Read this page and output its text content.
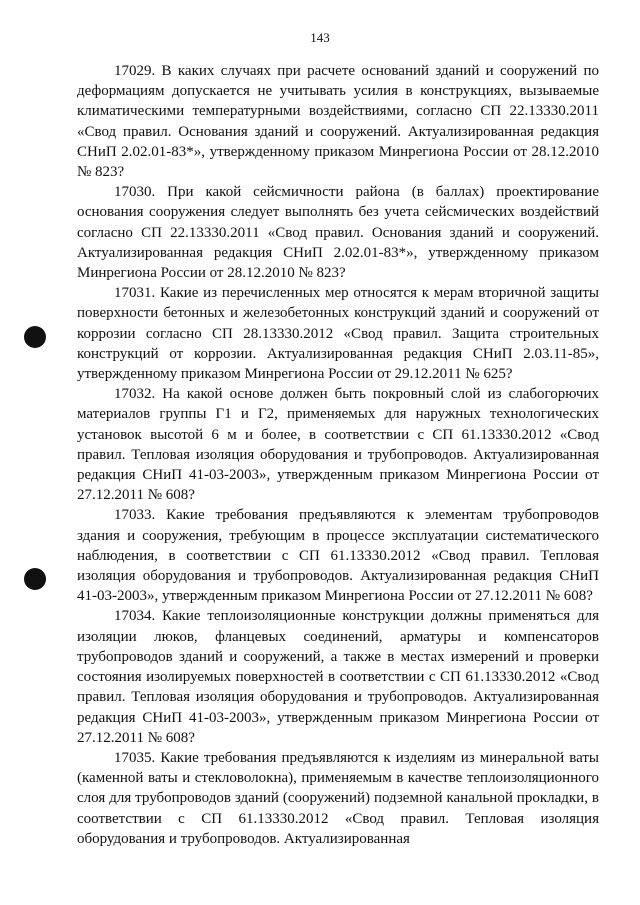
143

17029. В каких случаях при расчете оснований зданий и сооружений по деформациям допускается не учитывать усилия в конструкциях, вызываемые климатическими температурными воздействиями, согласно СП 22.13330.2011 «Свод правил. Основания зданий и сооружений. Актуализированная редакция СНиП 2.02.01-83*», утвержденному приказом Минрегиона России от 28.12.2010 № 823?

17030. При какой сейсмичности района (в баллах) проектирование основания сооружения следует выполнять без учета сейсмических воздействий согласно СП 22.13330.2011 «Свод правил. Основания зданий и сооружений. Актуализированная редакция СНиП 2.02.01-83*», утвержденному приказом Минрегиона России от 28.12.2010 № 823?

17031. Какие из перечисленных мер относятся к мерам вторичной защиты поверхности бетонных и железобетонных конструкций зданий и сооружений от коррозии согласно СП 28.13330.2012 «Свод правил. Защита строительных конструкций от коррозии. Актуализированная редакция СНиП 2.03.11-85», утвержденному приказом Минрегиона России от 29.12.2011 № 625?

17032. На какой основе должен быть покровный слой из слабогорючих материалов группы Г1 и Г2, применяемых для наружных технологических установок высотой 6 м и более, в соответствии с СП 61.13330.2012 «Свод правил. Тепловая изоляция оборудования и трубопроводов. Актуализированная редакция СНиП 41-03-2003», утвержденным приказом Минрегиона России от 27.12.2011 № 608?

17033. Какие требования предъявляются к элементам трубопроводов здания и сооружения, требующим в процессе эксплуатации систематического наблюдения, в соответствии с СП 61.13330.2012 «Свод правил. Тепловая изоляция оборудования и трубопроводов. Актуализированная редакция СНиП 41-03-2003», утвержденным приказом Минрегиона России от 27.12.2011 № 608?

17034. Какие теплоизоляционные конструкции должны применяться для изоляции люков, фланцевых соединений, арматуры и компенсаторов трубопроводов зданий и сооружений, а также в местах измерений и проверки состояния изолируемых поверхностей в соответствии с СП 61.13330.2012 «Свод правил. Тепловая изоляция оборудования и трубопроводов. Актуализированная редакция СНиП 41-03-2003», утвержденным приказом Минрегиона России от 27.12.2011 № 608?

17035. Какие требования предъявляются к изделиям из минеральной ваты (каменной ваты и стекловолокна), применяемым в качестве теплоизоляционного слоя для трубопроводов зданий (сооружений) подземной канальной прокладки, в соответствии с СП 61.13330.2012 «Свод правил. Тепловая изоляция оборудования и трубопроводов. Актуализированная
